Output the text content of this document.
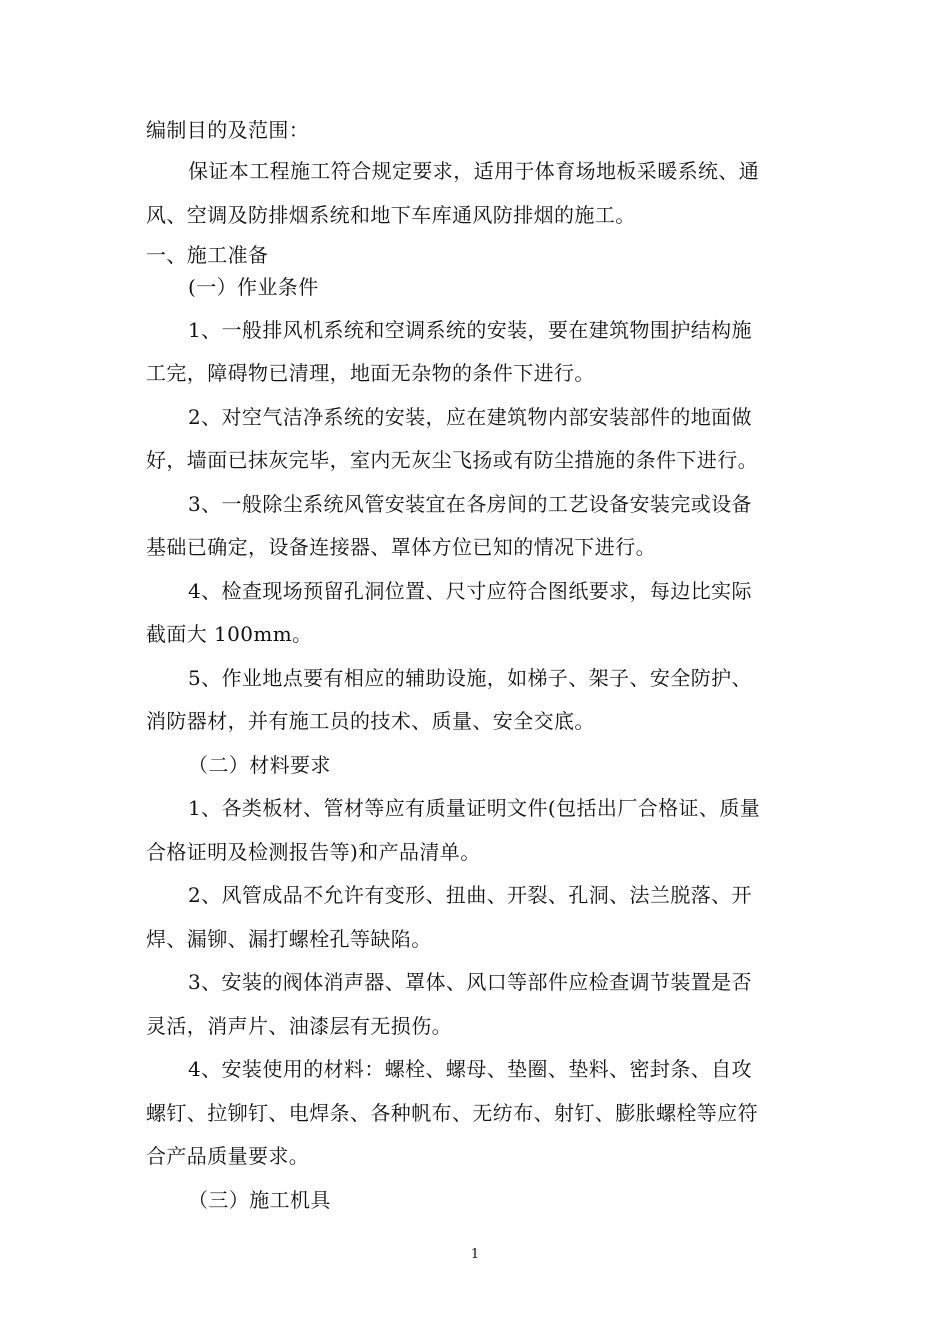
编制目的及范围：
保证本工程施工符合规定要求，适用于体育场地板采暖系统、通
风、空调及防排烟系统和地下车库通风防排烟的施工。
一、施工准备
(一）作业条件
1、一般排风机系统和空调系统的安装，要在建筑物围护结构施
工完，障碍物已清理，地面无杂物的条件下进行。
2、对空气洁净系统的安装，应在建筑物内部安装部件的地面做
好，墙面已抹灰完毕，室内无灰尘飞扬或有防尘措施的条件下进行。
3、一般除尘系统风管安装宜在各房间的工艺设备安装完或设备
基础已确定，设备连接器、罩体方位已知的情况下进行。
4、检查现场预留孔洞位置、尺寸应符合图纸要求，每边比实际
截面大 100mm。
5、作业地点要有相应的辅助设施，如梯子、架子、安全防护、
消防器材，并有施工员的技术、质量、安全交底。
（二）材料要求
1、各类板材、管材等应有质量证明文件(包括出厂合格证、质量
合格证明及检测报告等)和产品清单。
2、风管成品不允许有变形、扭曲、开裂、孔洞、法兰脱落、开
焊、漏铆、漏打螺栓孔等缺陷。
3、安装的阀体消声器、罩体、风口等部件应检查调节装置是否
灵活，消声片、油漆层有无损伤。
4、安装使用的材料：螺栓、螺母、垫圈、垫料、密封条、自攻
螺钉、拉铆钉、电焊条、各种帆布、无纺布、射钉、膨胀螺栓等应符
合产品质量要求。
（三）施工机具
1
